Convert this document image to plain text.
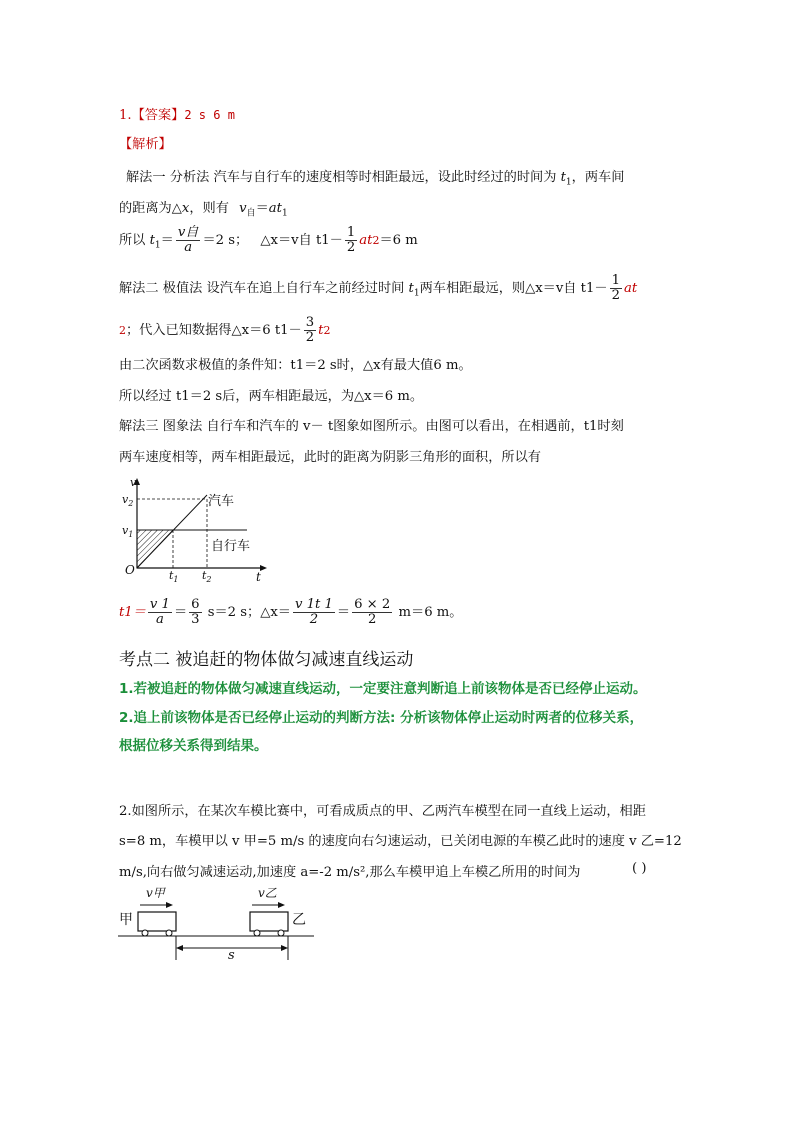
1.【答案】2 s 6 m
【解析】
解法一 分析法 汽车与自行车的速度相等时相距最远，设此时经过的时间为 $t_1$，两车间
的距离为△x，则有 $v_自=at_1$
所以 $t_1= \frac{\text{v自}}{a} =2$ s； △x＝v自 $t1- \frac{1}{2} at2=6$ m
解法二 极值法 设汽车在追上自行车之前经过时间 $t_1$两车相距最远，则△x＝v自 $t1- \frac{1}{2}$ at
2；代入已知数据得△x＝6 $t1- \frac{3}{2} t2$
由二次函数求极值的条件知：t1＝2 s时，△x有最大值6 m。
所以经过 t1＝2 s后，两车相距最远，为△x＝6 m。
解法三 图象法 自行车和汽车的 v－ t图象如图所示。由图可以看出，在相遇前，t1时刻
两车速度相等，两车相距最远，此时的距离为阴影三角形的面积，所以有
v
$v_2$
$v_1$
O	$t_1$ $t_2$	t
汽车
自行车
$t1= \frac{v 1}{a} = \frac{6}{3} s=2$ s；△x＝ $\frac{v 1t 1}{2} = \frac{6 \times 2}{2} m=6$ m。
考点二 被追赶的物体做匀减速直线运动
1.若被追赶的物体做匀减速直线运动，一定要注意判断追上前该物体是否已经停止运动。
2.追上前该物体是否已经停止运动的判断方法: 分析该物体停止运动时两者的位移关系，
根据位移关系得到结果。
2.如图所示，在某次车模比赛中，可看成质点的甲、乙两汽车模型在同一直线上运动，相距
s=8 m，车模甲以 v 甲=5 m/s 的速度向右匀速运动，已关闭电源的车模乙此时的速度 v 乙=12
m/s,向右做匀减速运动,加速度 a=-2 m/s²,那么车模甲追上车模乙所用的时间为	( )
甲	乙
v甲	v乙
s
